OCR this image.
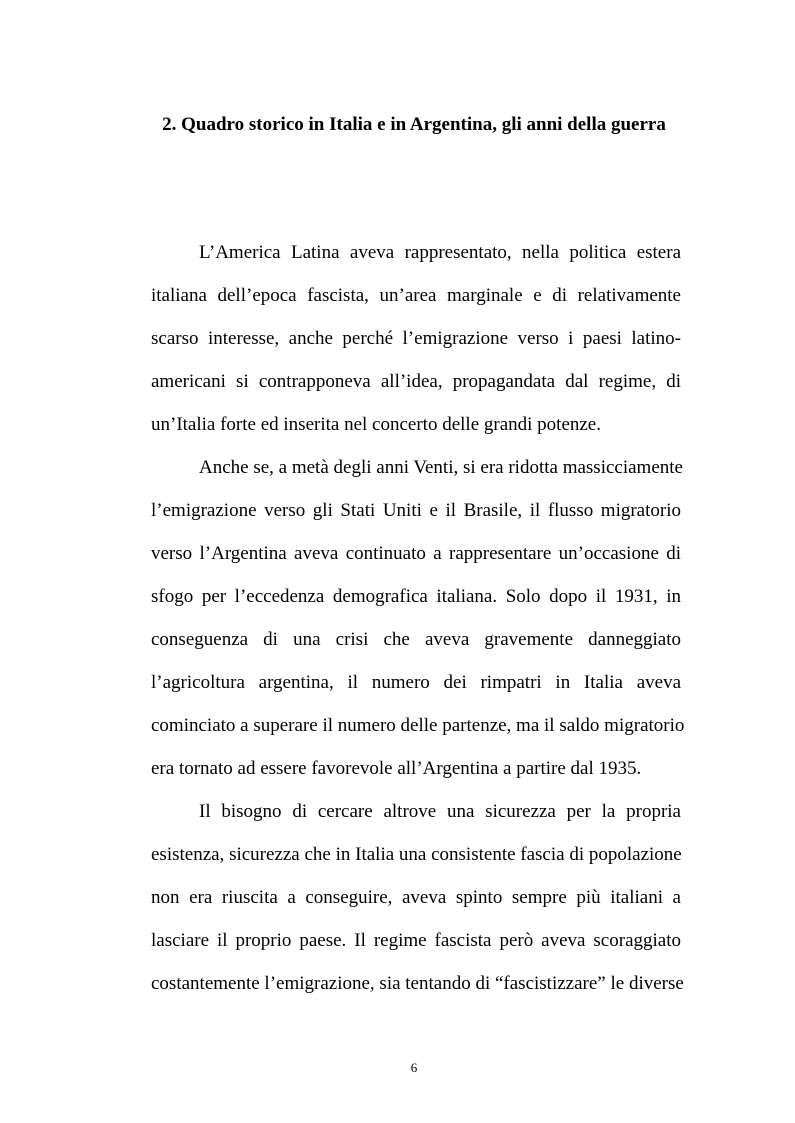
2. Quadro storico in Italia e in Argentina, gli anni della guerra
L’America Latina aveva rappresentato, nella politica estera
italiana dell’epoca fascista, un’area marginale e di relativamente
scarso interesse, anche perché l’emigrazione verso i paesi latino-
americani si contrapponeva all’idea, propagandata dal regime, di
un’Italia forte ed inserita nel concerto delle grandi potenze.
Anche se, a metà degli anni Venti, si era ridotta massicciamente
l’emigrazione verso gli Stati Uniti e il Brasile, il flusso migratorio
verso l’Argentina aveva continuato a rappresentare un’occasione di
sfogo per l’eccedenza demografica italiana. Solo dopo il 1931, in
conseguenza di una crisi che aveva gravemente danneggiato
l’agricoltura argentina, il numero dei rimpatri in Italia aveva
cominciato a superare il numero delle partenze, ma il saldo migratorio
era tornato ad essere favorevole all’Argentina a partire dal 1935.
Il bisogno di cercare altrove una sicurezza per la propria
esistenza, sicurezza che in Italia una consistente fascia di popolazione
non era riuscita a conseguire, aveva spinto sempre più italiani a
lasciare il proprio paese. Il regime fascista però aveva scoraggiato
costantemente l’emigrazione, sia tentando di “fascistizzare” le diverse
6
